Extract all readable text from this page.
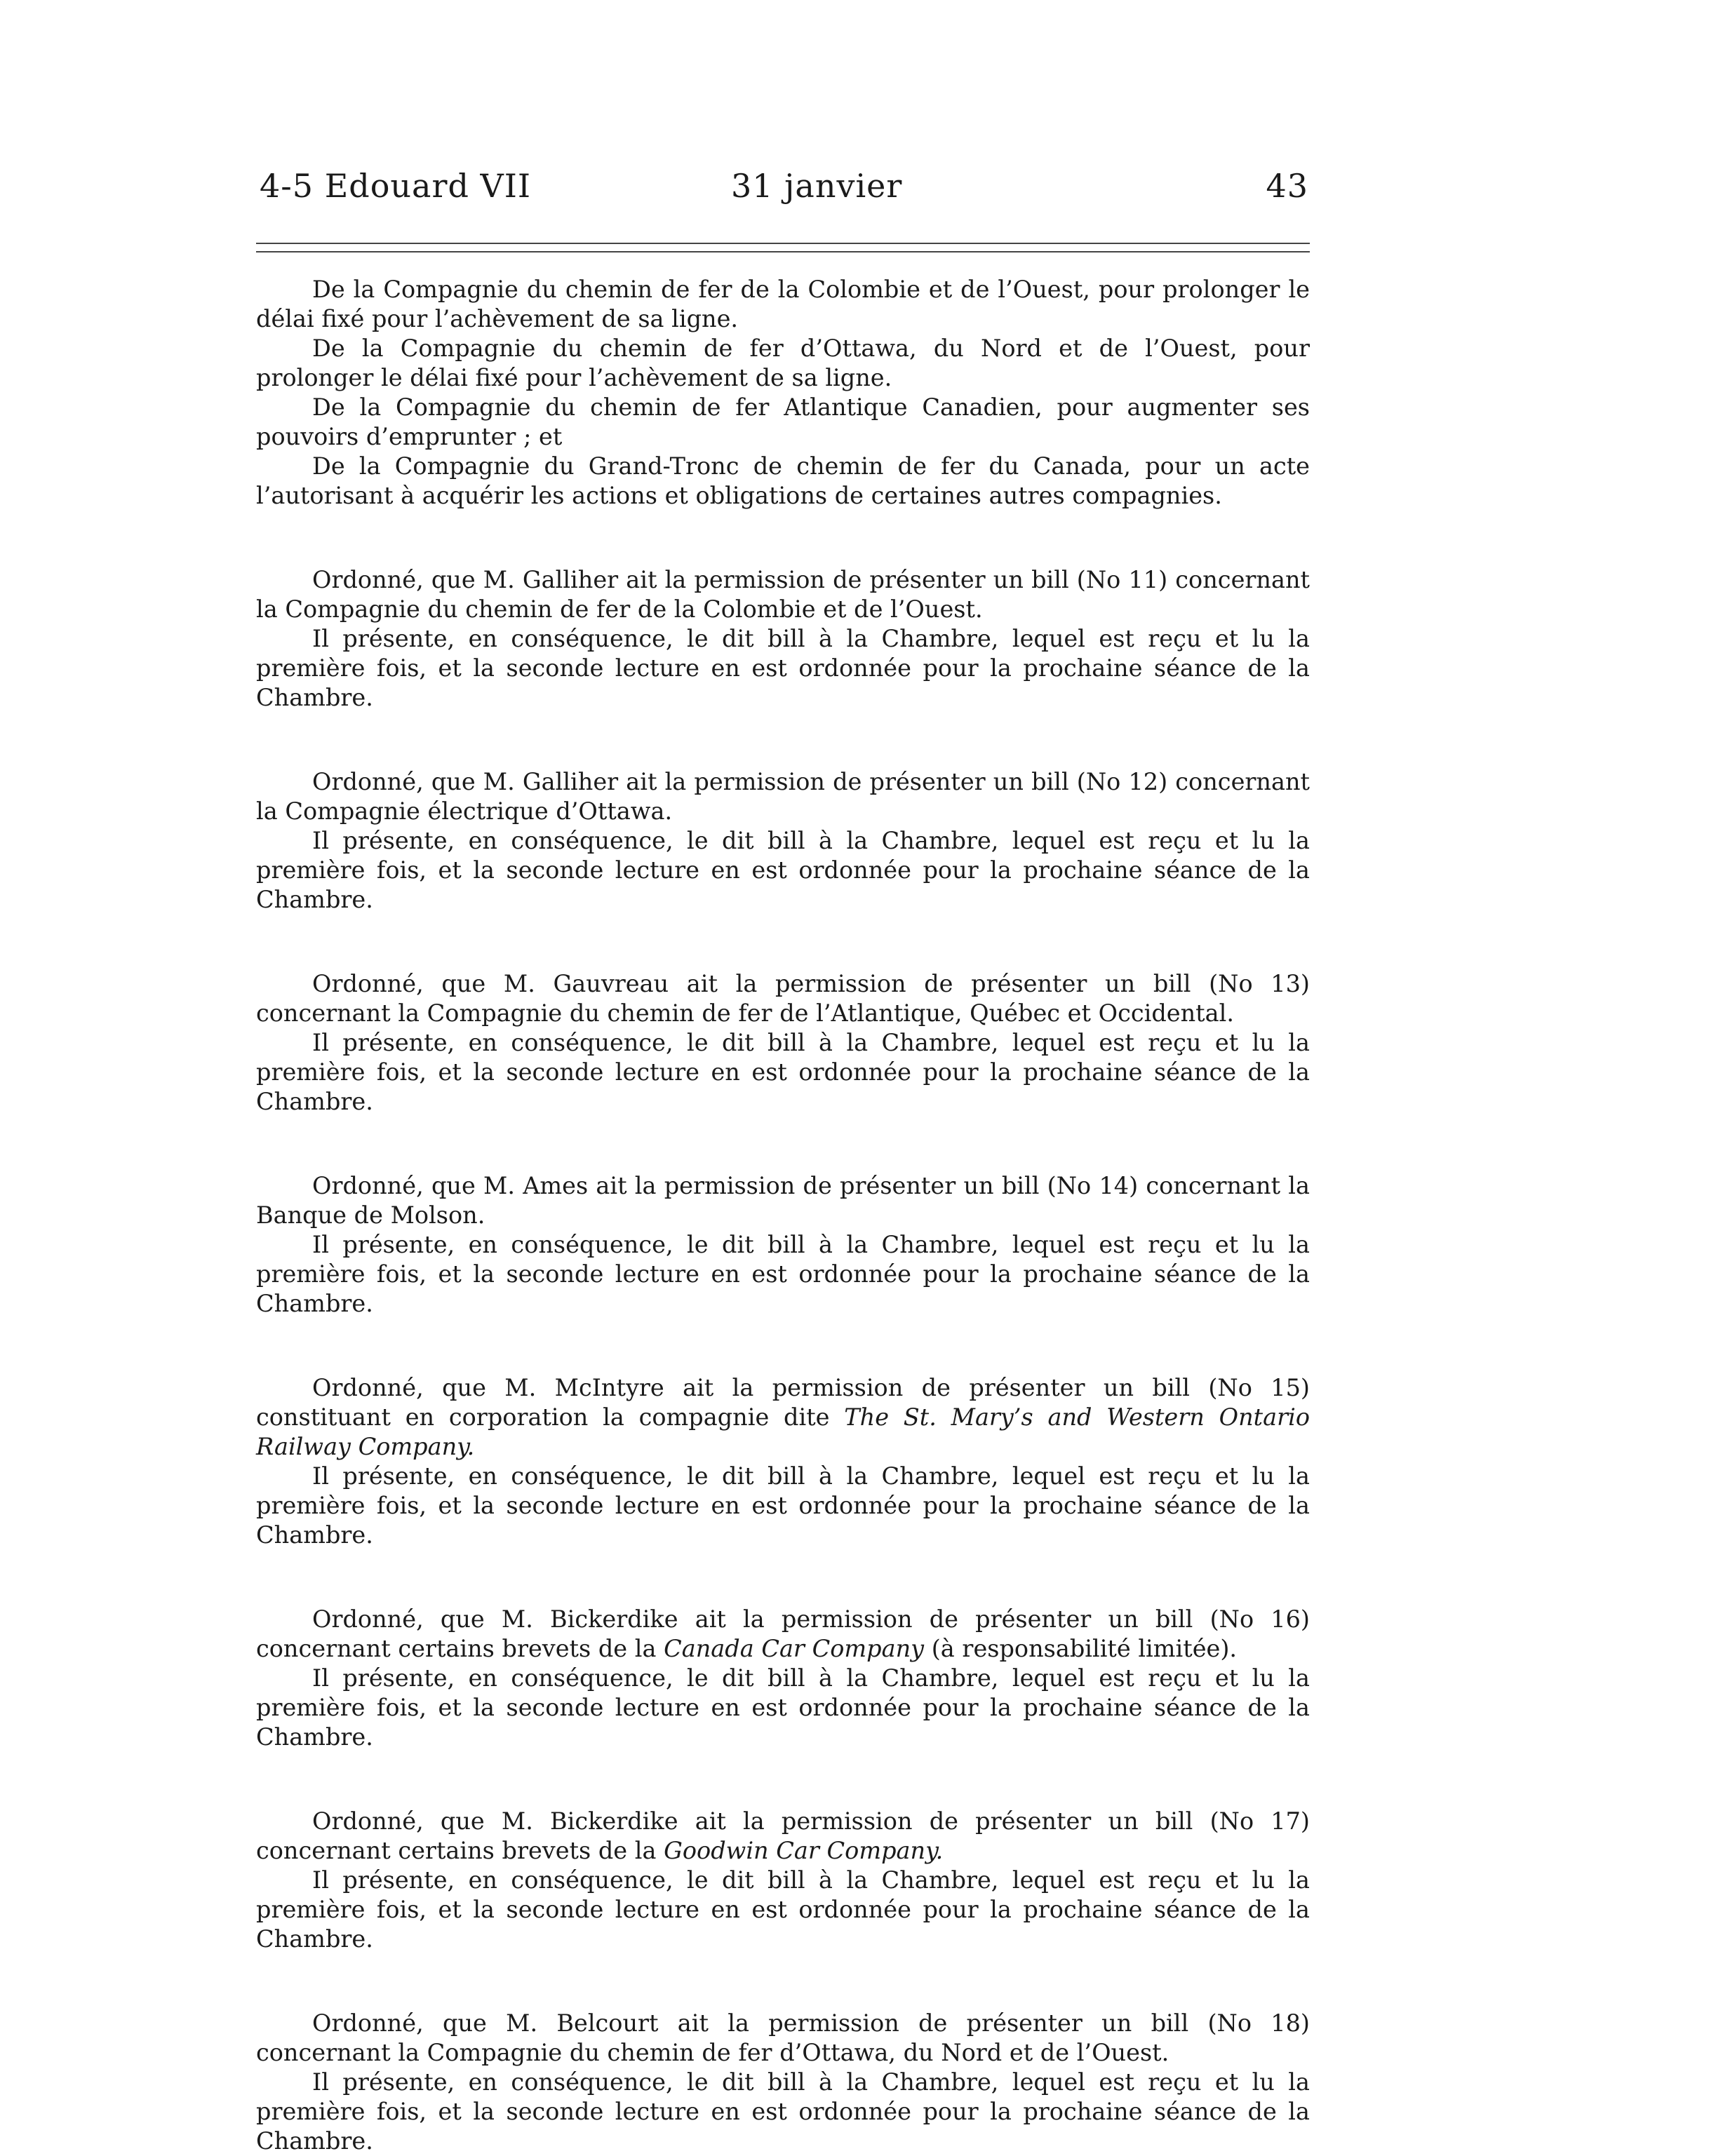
4-5 Edouard VII	31 janvier	43

De la Compagnie du chemin de fer de la Colombie et de l’Ouest, pour prolonger le délai fixé pour l’achèvement de sa ligne.

De la Compagnie du chemin de fer d’Ottawa, du Nord et de l’Ouest, pour prolonger le délai fixé pour l’achèvement de sa ligne.

De la Compagnie du chemin de fer Atlantique Canadien, pour augmenter ses pouvoirs d’emprunter ; et

De la Compagnie du Grand-Tronc de chemin de fer du Canada, pour un acte l’autorisant à acquérir les actions et obligations de certaines autres compagnies.

Ordonné, que M. Galliher ait la permission de présenter un bill (No 11) concernant la Compagnie du chemin de fer de la Colombie et de l’Ouest.

Il présente, en conséquence, le dit bill à la Chambre, lequel est reçu et lu la première fois, et la seconde lecture en est ordonnée pour la prochaine séance de la Chambre.

Ordonné, que M. Galliher ait la permission de présenter un bill (No 12) concernant la Compagnie électrique d’Ottawa.

Il présente, en conséquence, le dit bill à la Chambre, lequel est reçu et lu la première fois, et la seconde lecture en est ordonnée pour la prochaine séance de la Chambre.

Ordonné, que M. Gauvreau ait la permission de présenter un bill (No 13) concernant la Compagnie du chemin de fer de l’Atlantique, Québec et Occidental.

Il présente, en conséquence, le dit bill à la Chambre, lequel est reçu et lu la première fois, et la seconde lecture en est ordonnée pour la prochaine séance de la Chambre.

Ordonné, que M. Ames ait la permission de présenter un bill (No 14) concernant la Banque de Molson.

Il présente, en conséquence, le dit bill à la Chambre, lequel est reçu et lu la première fois, et la seconde lecture en est ordonnée pour la prochaine séance de la Chambre.

Ordonné, que M. McIntyre ait la permission de présenter un bill (No 15) constituant en corporation la compagnie dite The St. Mary’s and Western Ontario Railway Company.

Il présente, en conséquence, le dit bill à la Chambre, lequel est reçu et lu la première fois, et la seconde lecture en est ordonnée pour la prochaine séance de la Chambre.

Ordonné, que M. Bickerdike ait la permission de présenter un bill (No 16) concernant certains brevets de la Canada Car Company (à responsabilité limitée).

Il présente, en conséquence, le dit bill à la Chambre, lequel est reçu et lu la première fois, et la seconde lecture en est ordonnée pour la prochaine séance de la Chambre.

Ordonné, que M. Bickerdike ait la permission de présenter un bill (No 17) concernant certains brevets de la Goodwin Car Company.

Il présente, en conséquence, le dit bill à la Chambre, lequel est reçu et lu la première fois, et la seconde lecture en est ordonnée pour la prochaine séance de la Chambre.

Ordonné, que M. Belcourt ait la permission de présenter un bill (No 18) concernant la Compagnie du chemin de fer d’Ottawa, du Nord et de l’Ouest.

Il présente, en conséquence, le dit bill à la Chambre, lequel est reçu et lu la première fois, et la seconde lecture en est ordonnée pour la prochaine séance de la Chambre.
